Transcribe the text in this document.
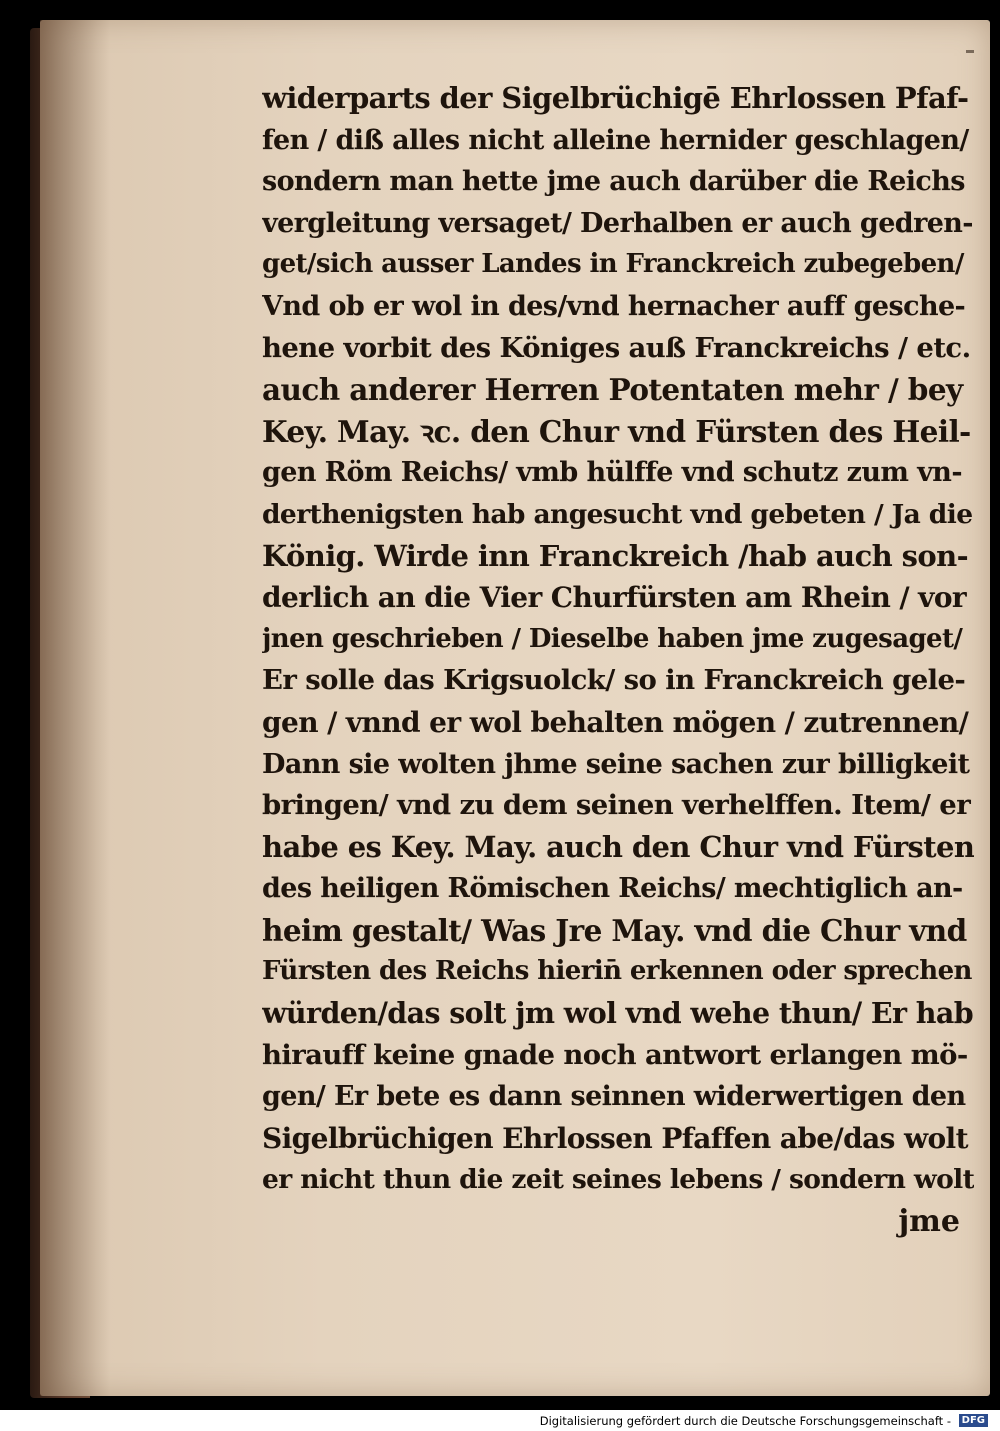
widerparts der Sigelbrüchigē Ehrlossen Pfaf-
fen / diß alles nicht alleine hernider geschlagen/
sondern man hette jme auch darüber die Reichs
vergleitung versaget/ Derhalben er auch gedren-
get/sich ausser Landes in Franckreich zubegeben/
Vnd ob er wol in des/vnd hernacher auff gesche-
hene vorbit des Königes auß Franckreichs / etc.
auch anderer Herren Potentaten mehr / bey
Key. May. ꝛc. den Chur vnd Fürsten des Heil-
gen Röm Reichs/ vmb hülffe vnd schutz zum vn-
derthenigsten hab angesucht vnd gebeten / Ja die
König. Wirde inn Franckreich /hab auch son-
derlich an die Vier Churfürsten am Rhein / vor
jnen geschrieben / Dieselbe haben jme zugesaget/
Er solle das Krigsuolck/ so in Franckreich gele-
gen / vnnd er wol behalten mögen / zutrennen/
Dann sie wolten jhme seine sachen zur billigkeit
bringen/ vnd zu dem seinen verhelffen. Item/ er
habe es Key. May. auch den Chur vnd Fürsten
des heiligen Römischen Reichs/ mechtiglich an-
heim gestalt/ Was Jre May. vnd die Chur vnd
Fürsten des Reichs hierin̄ erkennen oder sprechen
würden/das solt jm wol vnd wehe thun/ Er hab
hirauff keine gnade noch antwort erlangen mö-
gen/ Er bete es dann seinnen widerwertigen den
Sigelbrüchigen Ehrlossen Pfaffen abe/das wolt
er nicht thun die zeit seines lebens / sondern wolt
jme
Digitalisierung gefördert durch die Deutsche Forschungsgemeinschaft - DFG
